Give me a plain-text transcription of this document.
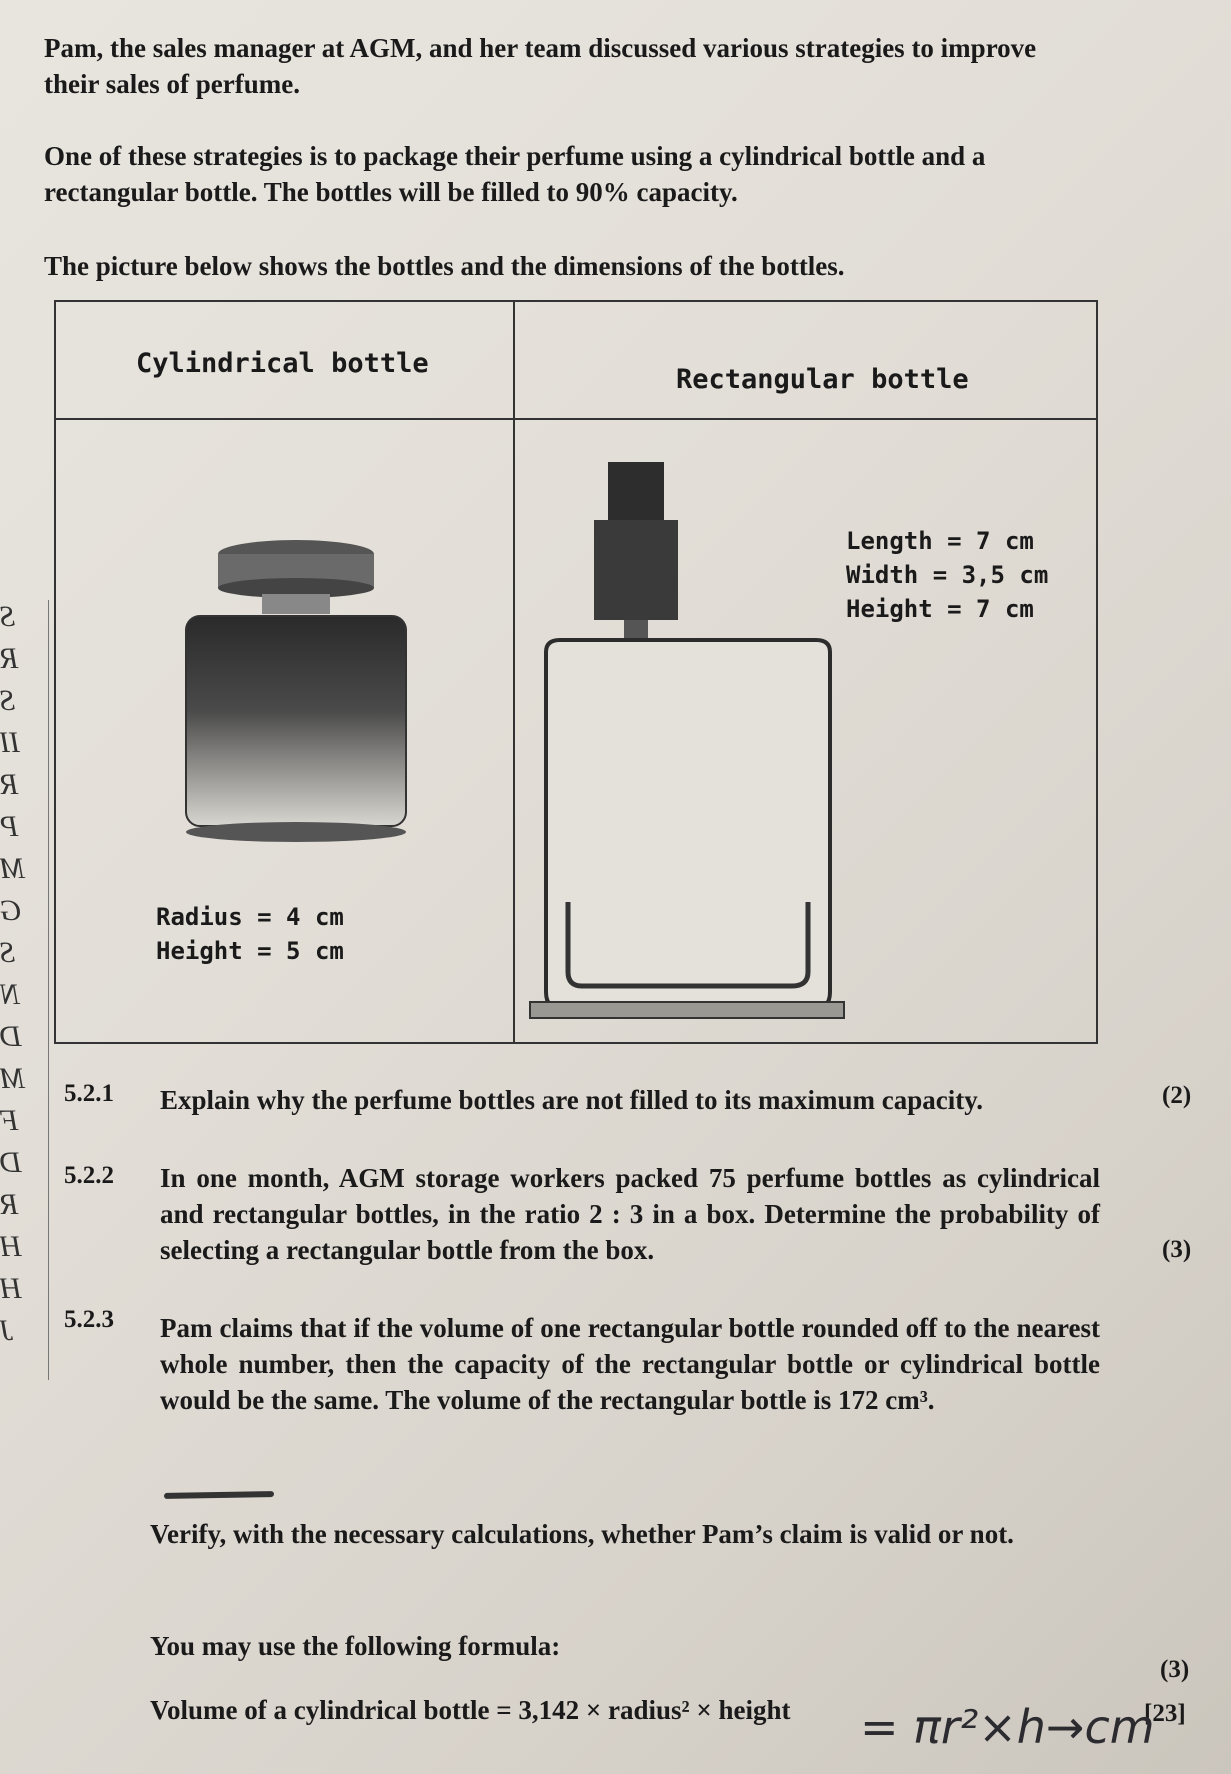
S
R
S
II
R
P
M
G
S
N
D
M
F
D
R
H
H
J

Pam, the sales manager at AGM, and her team discussed various strategies to improve their sales of perfume.

One of these strategies is to package their perfume using a cylindrical bottle and a rectangular bottle. The bottles will be filled to 90% capacity.

The picture below shows the bottles and the dimensions of the bottles.

Cylindrical bottle
Rectangular bottle
Radius = 4 cm
Height = 5 cm
Length = 7 cm
Width = 3,5 cm
Height = 7 cm
5.2.1 Explain why the perfume bottles are not filled to its maximum capacity.	(2)
5.2.2 In one month, AGM storage workers packed 75 perfume bottles as cylindrical and rectangular bottles, in the ratio 2 : 3 in a box. Determine the probability of selecting a rectangular bottle from the box.	(3)
5.2.3 Pam claims that if the volume of one rectangular bottle rounded off to the nearest whole number, then the capacity of the rectangular bottle or cylindrical bottle would be the same. The volume of the rectangular bottle is 172 cm³.

Verify, with the necessary calculations, whether Pam’s claim is valid or not.

You may use the following formula:

Volume of a cylindrical bottle = 3,142 × radius² × height

(3)
[23]
= πr²×h→cm
